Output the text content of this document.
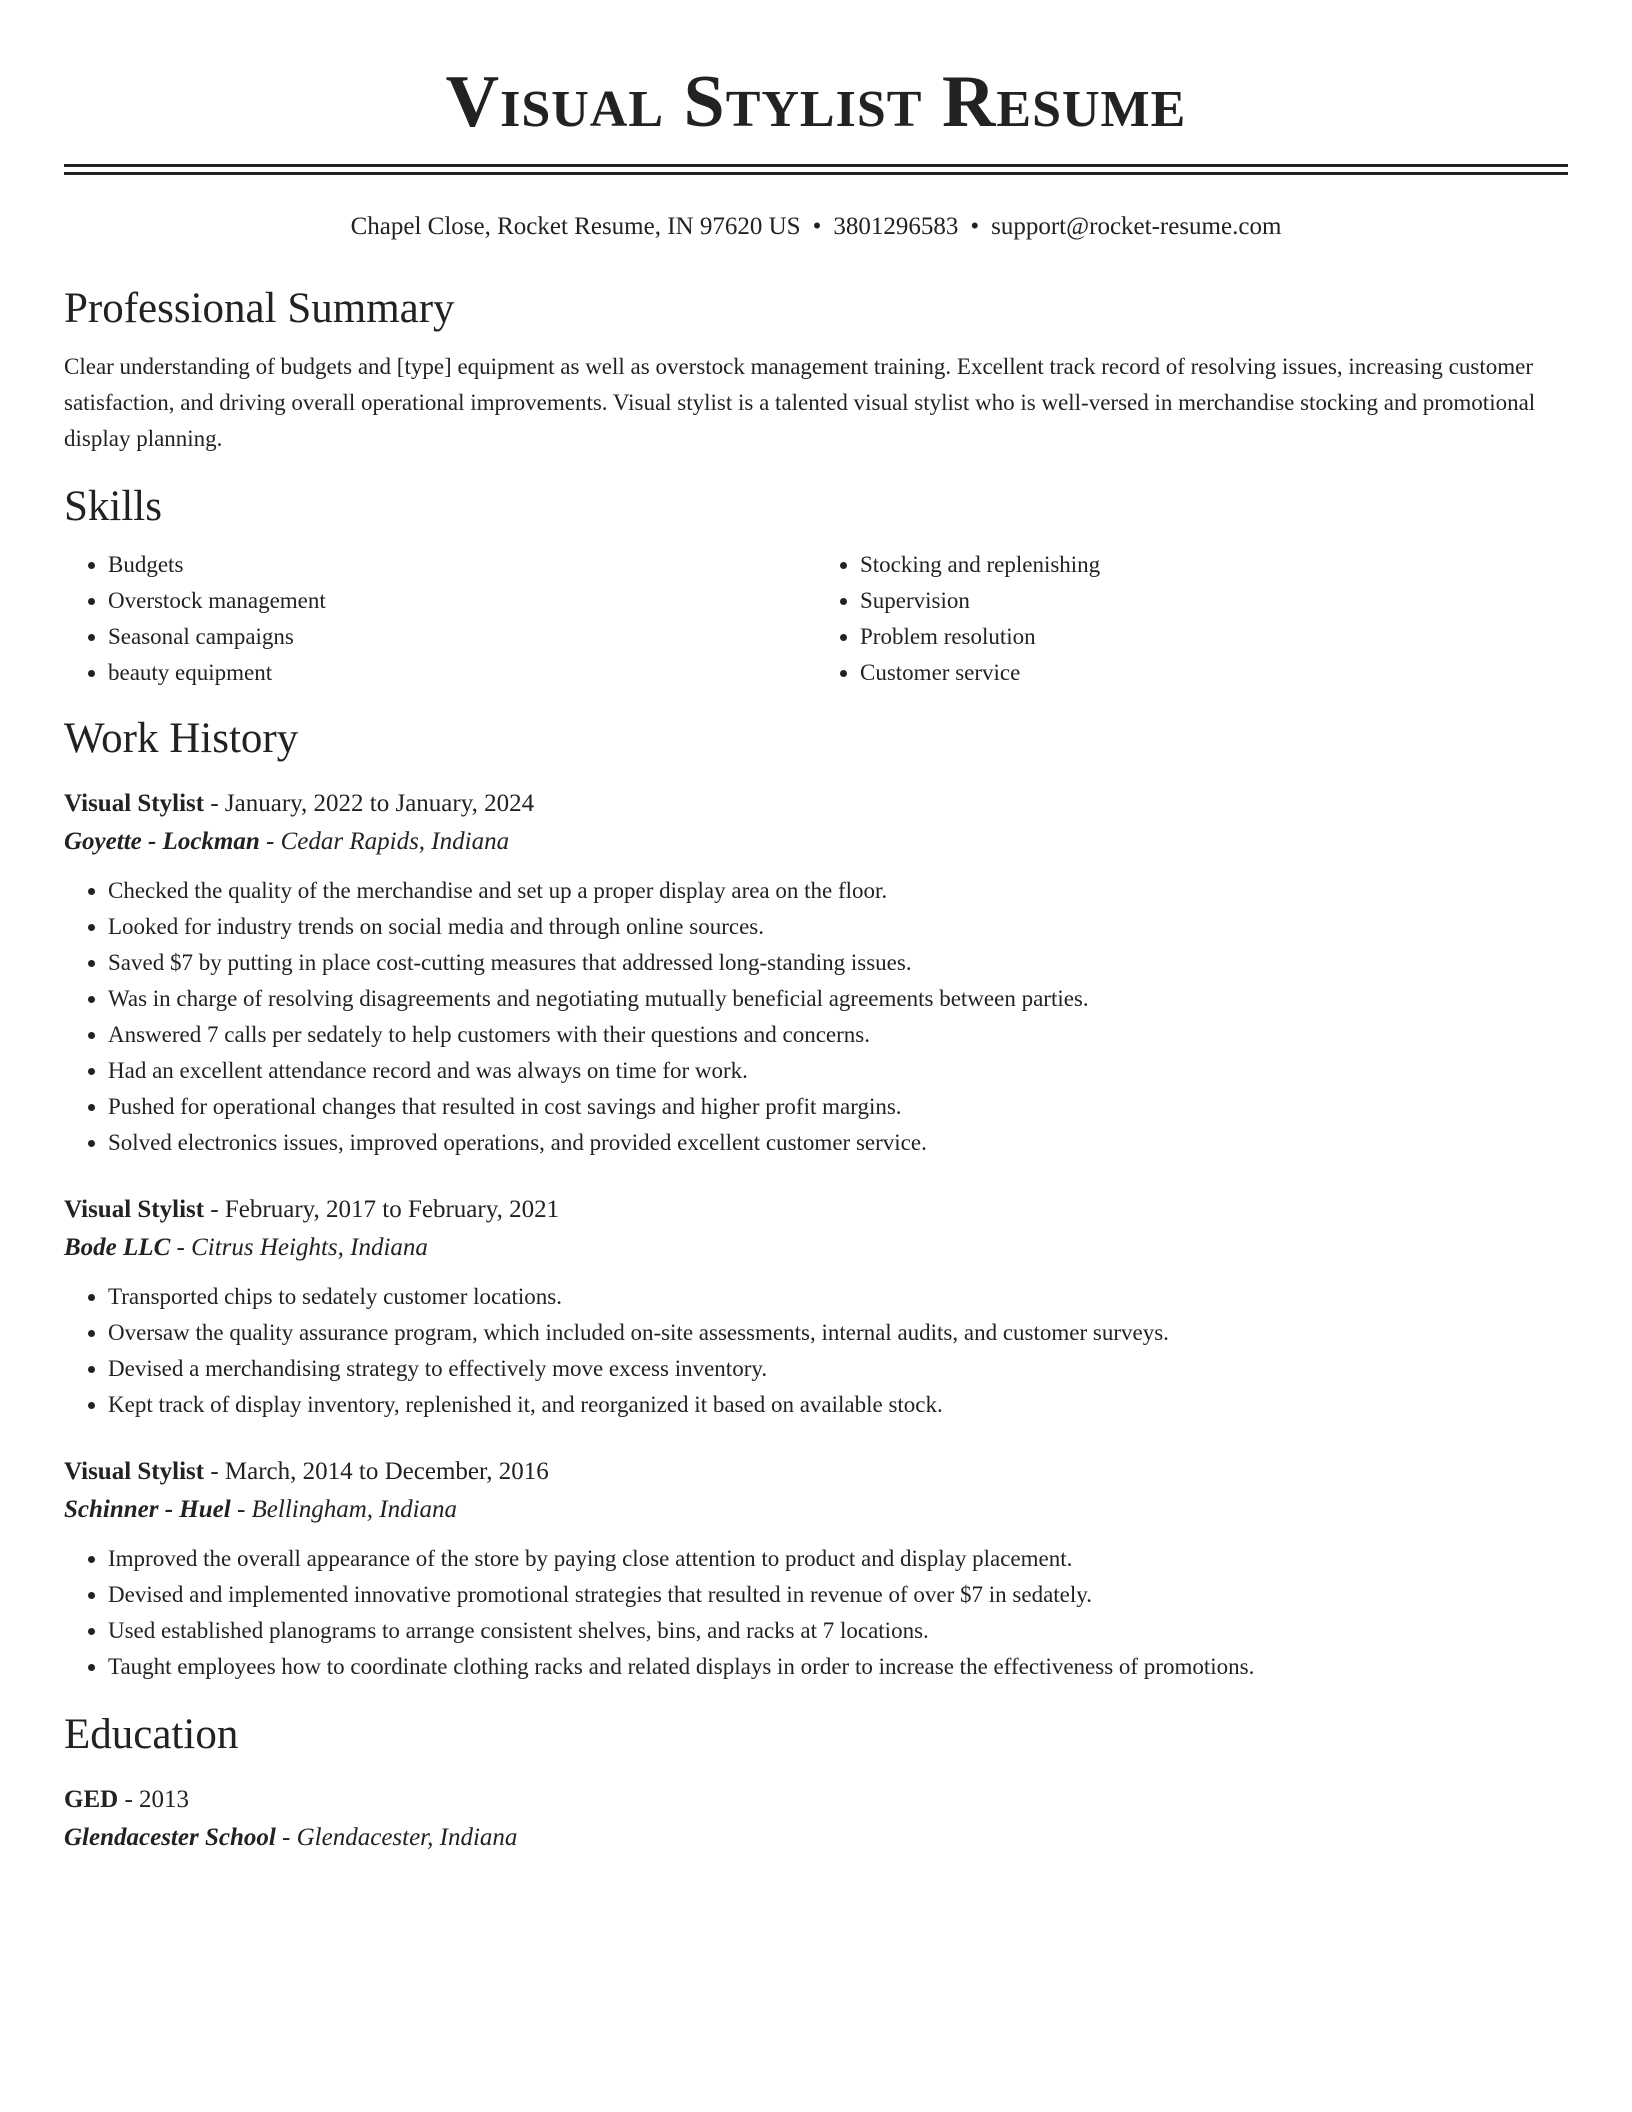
Visual Stylist Resume
Chapel Close, Rocket Resume, IN 97620 US • 3801296583 • support@rocket-resume.com
Professional Summary

Clear understanding of budgets and [type] equipment as well as overstock management training. Excellent track record of resolving issues, increasing customer satisfaction, and driving overall operational improvements. Visual stylist is a talented visual stylist who is well-versed in merchandise stocking and promotional display planning.

Skills
• Budgets
• Overstock management
• Seasonal campaigns
• beauty equipment
• Stocking and replenishing
• Supervision
• Problem resolution
• Customer service
Work History
Visual Stylist - January, 2022 to January, 2024
Goyette - Lockman - Cedar Rapids, Indiana
• Checked the quality of the merchandise and set up a proper display area on the floor.
• Looked for industry trends on social media and through online sources.
• Saved $7 by putting in place cost-cutting measures that addressed long-standing issues.
• Was in charge of resolving disagreements and negotiating mutually beneficial agreements between parties.
• Answered 7 calls per sedately to help customers with their questions and concerns.
• Had an excellent attendance record and was always on time for work.
• Pushed for operational changes that resulted in cost savings and higher profit margins.
• Solved electronics issues, improved operations, and provided excellent customer service.
Visual Stylist - February, 2017 to February, 2021
Bode LLC - Citrus Heights, Indiana
• Transported chips to sedately customer locations.
• Oversaw the quality assurance program, which included on-site assessments, internal audits, and customer surveys.
• Devised a merchandising strategy to effectively move excess inventory.
• Kept track of display inventory, replenished it, and reorganized it based on available stock.
Visual Stylist - March, 2014 to December, 2016
Schinner - Huel - Bellingham, Indiana
• Improved the overall appearance of the store by paying close attention to product and display placement.
• Devised and implemented innovative promotional strategies that resulted in revenue of over $7 in sedately.
• Used established planograms to arrange consistent shelves, bins, and racks at 7 locations.
• Taught employees how to coordinate clothing racks and related displays in order to increase the effectiveness of promotions.
Education
GED - 2013
Glendacester School - Glendacester, Indiana
